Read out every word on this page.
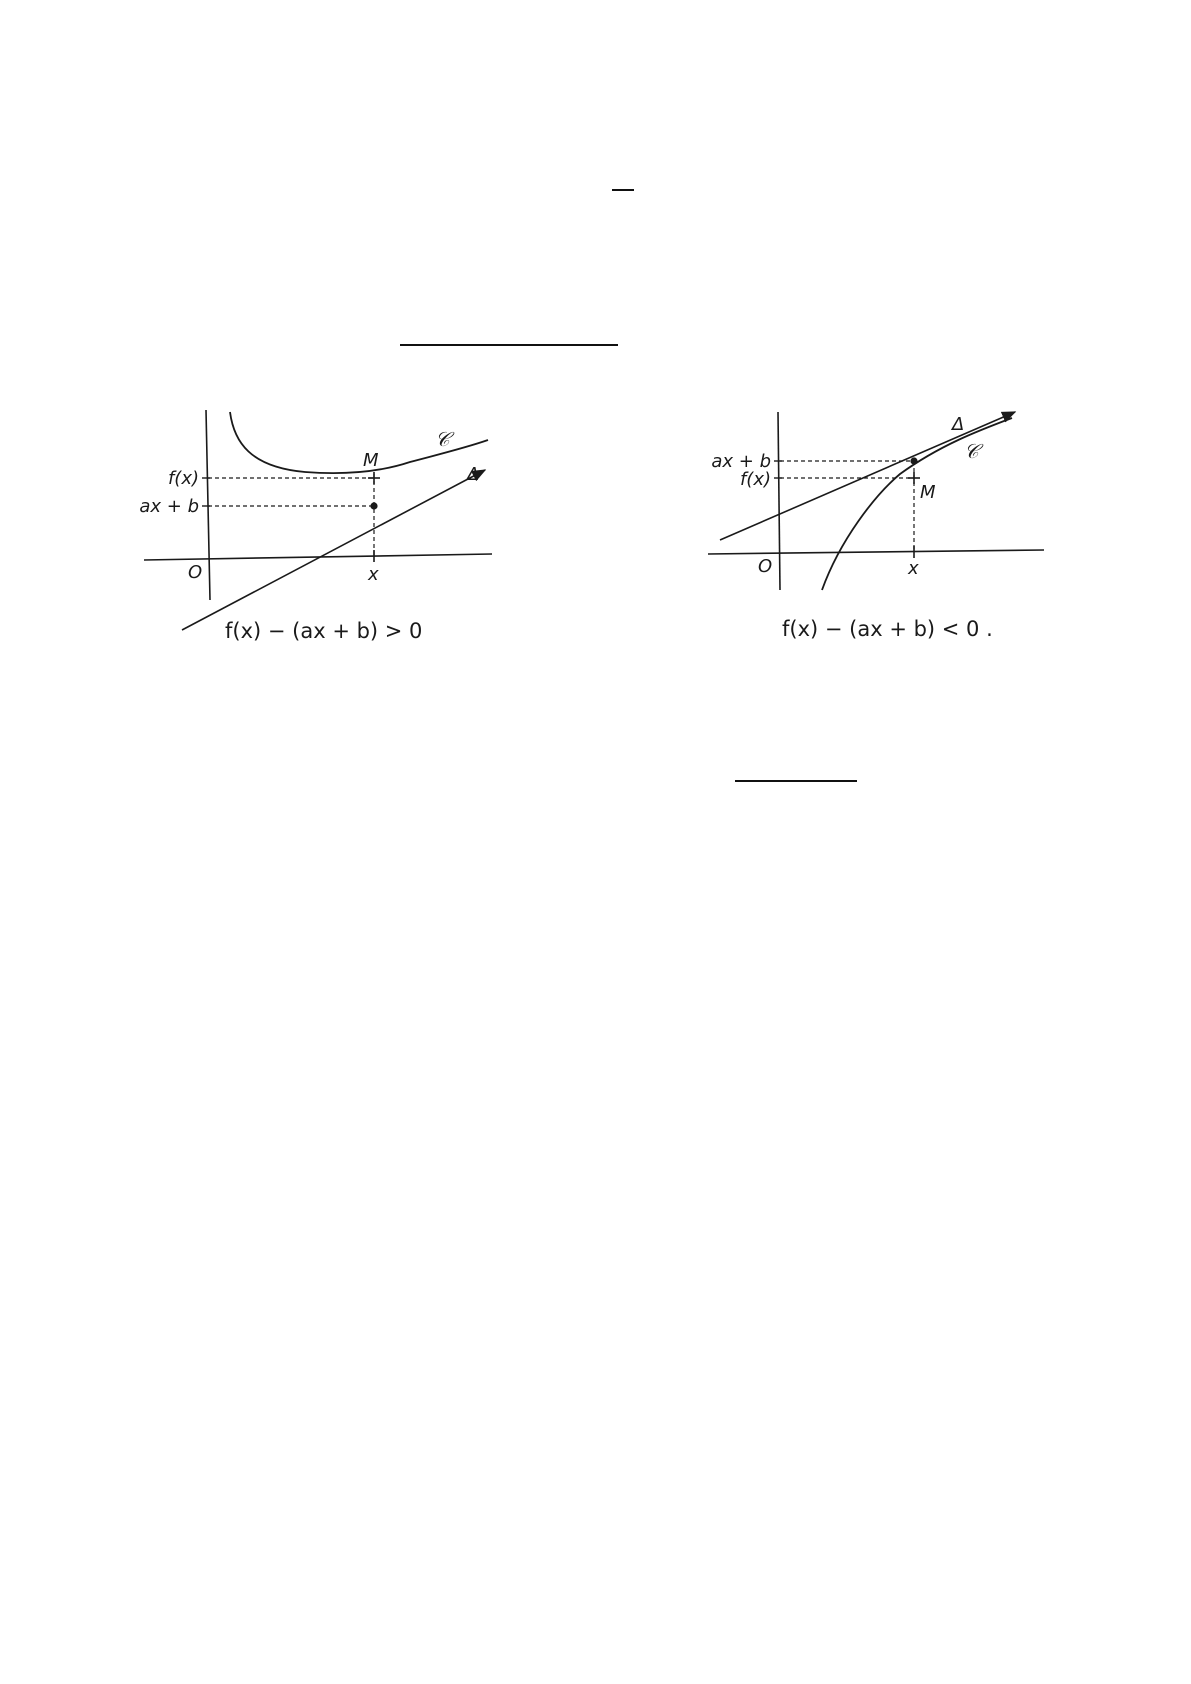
f(x)
ax + b
O	x
M
𝒞
Δ
f(x) − (ax + b) > 0
ax + b
f(x)
O	x
M
𝒞
Δ
f(x) − (ax + b) < 0 .
